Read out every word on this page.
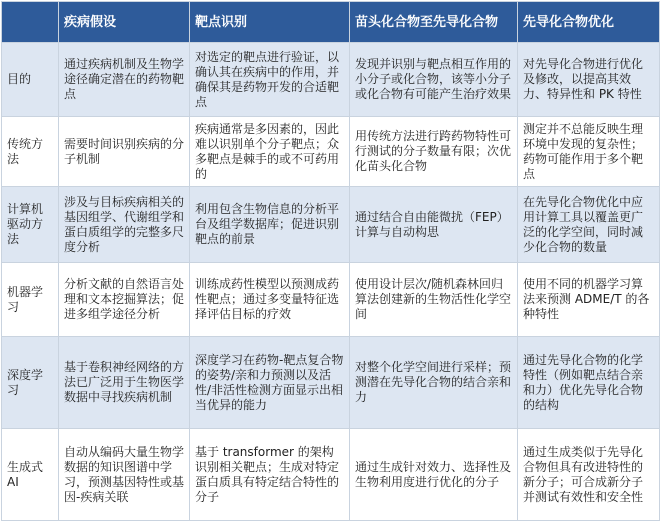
	疾病假设	靶点识别	苗头化合物至先导化合物	先导化合物优化
目的	通过疾病机制及生物学途径确定潜在的药物靶点	对选定的靶点进行验证，以确认其在疾病中的作用，并确保其是药物开发的合适靶点	发现并识别与靶点相互作用的小分子或化合物，该等小分子或化合物有可能产生治疗效果	对先导化合物进行优化及修改，以提高其效力、特异性和 PK 特性
传统方法	需要时间识别疾病的分子机制	疾病通常是多因素的，因此难以识别单个分子靶点；众多靶点是棘手的或不可药用的	用传统方法进行跨药物特性可行测试的分子数量有限；次优化苗头化合物	测定并不总能反映生理环境中发现的复杂性；药物可能作用于多个靶点
计算机驱动方法	涉及与目标疾病相关的基因组学、代谢组学和蛋白质组学的完整多尺度分析	利用包含生物信息的分析平台及组学数据库；促进识别靶点的前景	通过结合自由能微扰（FEP）计算与自动构思	在先导化合物优化中应用计算工具以覆盖更广泛的化学空间，同时减少化合物的数量
机器学习	分析文献的自然语言处理和文本挖掘算法；促进多组学途径分析	训练成药性模型以预测成药性靶点；通过多变量特征选择评估目标的疗效	使用设计层次/随机森林回归算法创建新的生物活性化学空间	使用不同的机器学习算法来预测 ADME/T 的各种特性
深度学习	基于卷积神经网络的方法已广泛用于生物医学数据中寻找疾病机制	深度学习在药物-靶点复合物的姿势/亲和力预测以及活性/非活性检测方面显示出相当优异的能力	对整个化学空间进行采样；预测潜在先导化合物的结合亲和力	通过先导化合物的化学特性（例如靶点结合亲和力）优化先导化合物的结构
生成式 AI	自动从编码大量生物学数据的知识图谱中学习，预测基因特性或基因-疾病关联	基于 transformer 的架构识别相关靶点；生成对特定蛋白质具有特定结合特性的分子	通过生成针对效力、选择性及生物利用度进行优化的分子	通过生成类似于先导化合物但具有改进特性的新分子；可合成新分子并测试有效性和安全性
